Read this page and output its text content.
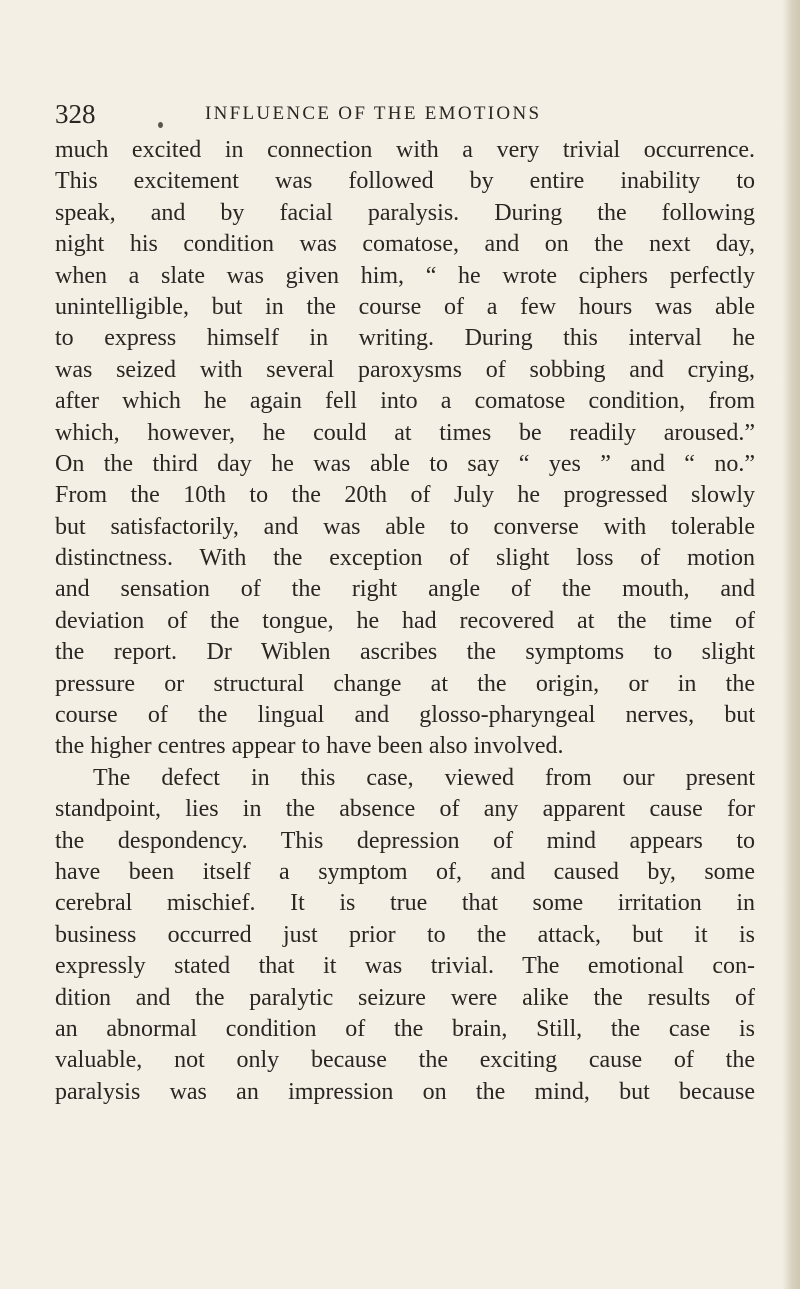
328	INFLUENCE OF THE EMOTIONS
much excited in connection with a very trivial occurrence.
This excitement was followed by entire inability to
speak, and by facial paralysis. During the following
night his condition was comatose, and on the next day,
when a slate was given him, “ he wrote ciphers perfectly
unintelligible, but in the course of a few hours was able
to express himself in writing. During this interval he
was seized with several paroxysms of sobbing and crying,
after which he again fell into a comatose condition, from
which, however, he could at times be readily aroused.”
On the third day he was able to say “ yes ” and “ no.”
From the 10th to the 20th of July he progressed slowly
but satisfactorily, and was able to converse with tolerable
distinctness. With the exception of slight loss of motion
and sensation of the right angle of the mouth, and
deviation of the tongue, he had recovered at the time of
the report. Dr Wiblen ascribes the symptoms to slight
pressure or structural change at the origin, or in the
course of the lingual and glosso-pharyngeal nerves, but
the higher centres appear to have been also involved.
The defect in this case, viewed from our present
standpoint, lies in the absence of any apparent cause for
the despondency. This depression of mind appears to
have been itself a symptom of, and caused by, some
cerebral mischief. It is true that some irritation in
business occurred just prior to the attack, but it is
expressly stated that it was trivial. The emotional con-
dition and the paralytic seizure were alike the results of
an abnormal condition of the brain, Still, the case is
valuable, not only because the exciting cause of the
paralysis was an impression on the mind, but because
